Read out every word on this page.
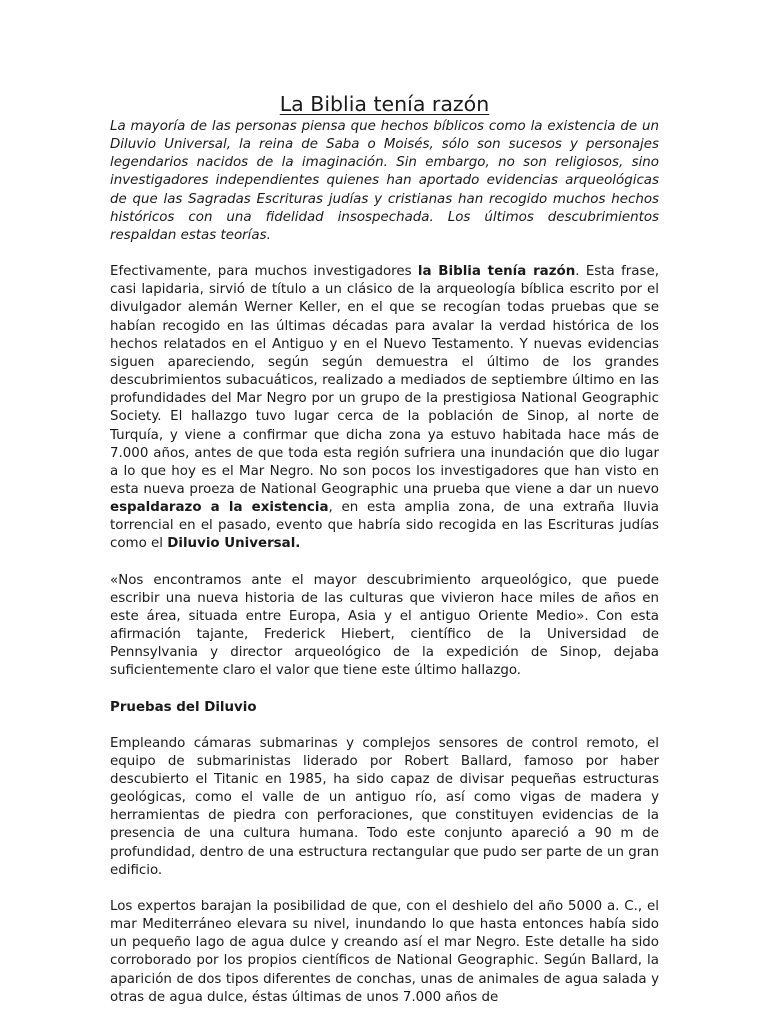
La Biblia tenía razón

La mayoría de las personas piensa que hechos bíblicos como la existencia de un Diluvio Universal, la reina de Saba o Moisés, sólo son sucesos y personajes legendarios nacidos de la imaginación. Sin embargo, no son religiosos, sino investigadores independientes quienes han aportado evidencias arqueológicas de que las Sagradas Escrituras judías y cristianas han recogido muchos hechos históricos con una fidelidad insospechada. Los últimos descubrimientos respaldan estas teorías.

Efectivamente, para muchos investigadores la Biblia tenía razón. Esta frase, casi lapidaria, sirvió de título a un clásico de la arqueología bíblica escrito por el divulgador alemán Werner Keller, en el que se recogían todas pruebas que se habían recogido en las últimas décadas para avalar la verdad histórica de los hechos relatados en el Antiguo y en el Nuevo Testamento. Y nuevas evidencias siguen apareciendo, según según demuestra el último de los grandes descubrimientos subacuáticos, realizado a mediados de septiembre último en las profundidades del Mar Negro por un grupo de la prestigiosa National Geographic Society. El hallazgo tuvo lugar cerca de la población de Sinop, al norte de Turquía, y viene a confirmar que dicha zona ya estuvo habitada hace más de 7.000 años, antes de que toda esta región sufriera una inundación que dio lugar a lo que hoy es el Mar Negro. No son pocos los investigadores que han visto en esta nueva proeza de National Geographic una prueba que viene a dar un nuevo espaldarazo a la existencia, en esta amplia zona, de una extraña lluvia torrencial en el pasado, evento que habría sido recogida en las Escrituras judías como el Diluvio Universal.

«Nos encontramos ante el mayor descubrimiento arqueológico, que puede escribir una nueva historia de las culturas que vivieron hace miles de años en este área, situada entre Europa, Asia y el antiguo Oriente Medio». Con esta afirmación tajante, Frederick Hiebert, científico de la Universidad de Pennsylvania y director arqueológico de la expedición de Sinop, dejaba suficientemente claro el valor que tiene este último hallazgo.

Pruebas del Diluvio

Empleando cámaras submarinas y complejos sensores de control remoto, el equipo de submarinistas liderado por Robert Ballard, famoso por haber descubierto el Titanic en 1985, ha sido capaz de divisar pequeñas estructuras geológicas, como el valle de un antiguo río, así como vigas de madera y herramientas de piedra con perforaciones, que constituyen evidencias de la presencia de una cultura humana. Todo este conjunto apareció a 90 m de profundidad, dentro de una estructura rectangular que pudo ser parte de un gran edificio.

Los expertos barajan la posibilidad de que, con el deshielo del año 5000 a. C., el mar Mediterráneo elevara su nivel, inundando lo que hasta entonces había sido un pequeño lago de agua dulce y creando así el mar Negro. Este detalle ha sido corroborado por los propios científicos de National Geographic. Según Ballard, la aparición de dos tipos diferentes de conchas, unas de animales de agua salada y otras de agua dulce, éstas últimas de unos 7.000 años de
